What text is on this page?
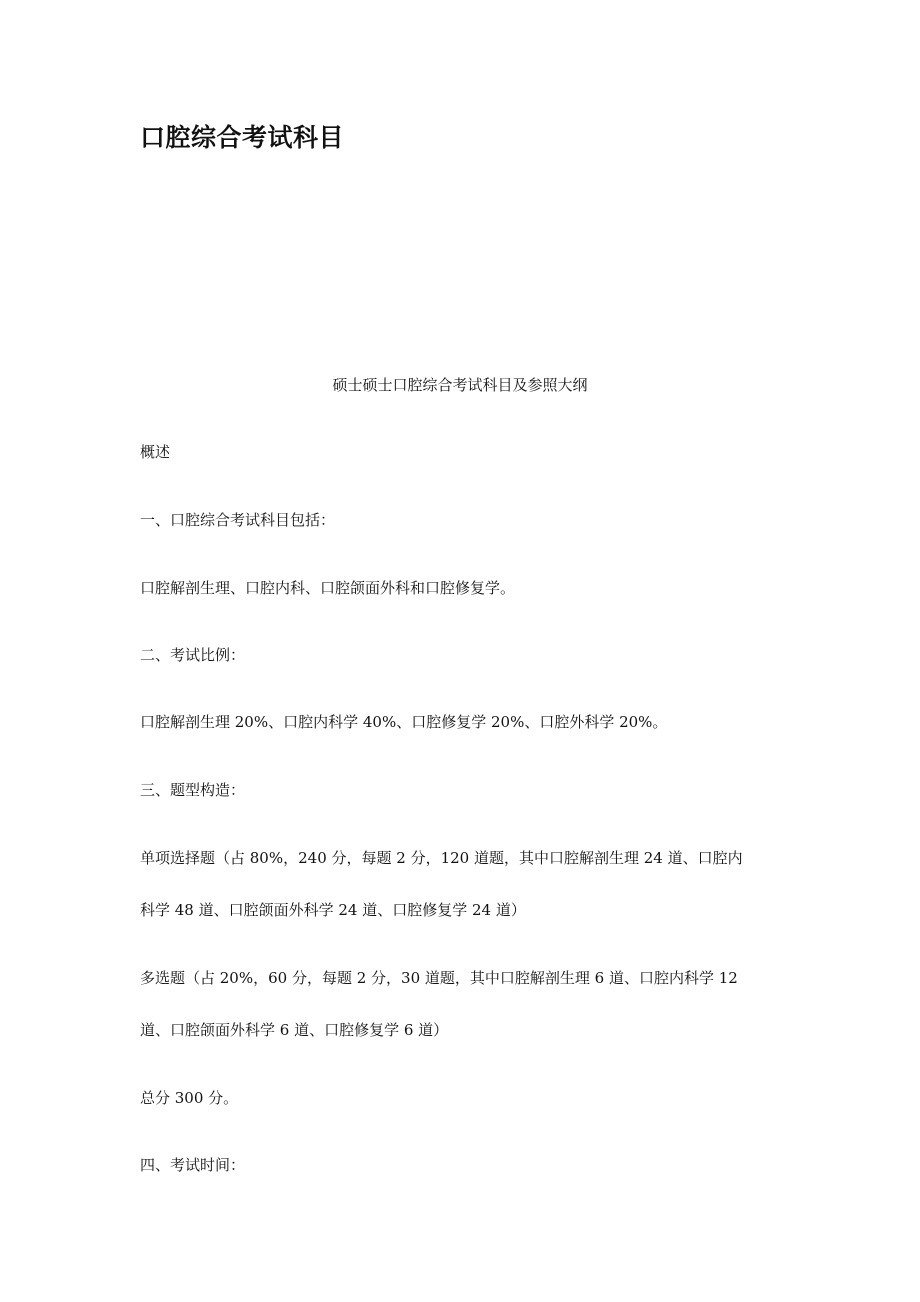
口腔综合考试科目

硕士硕士口腔综合考试科目及参照大纲

概述

一、口腔综合考试科目包括：

口腔解剖生理、口腔内科、口腔颌面外科和口腔修复学。

二、考试比例：

口腔解剖生理 20%、口腔内科学 40%、口腔修复学 20%、口腔外科学 20%。

三、题型构造：

单项选择题（占 80%，240 分，每题 2 分，120 道题，其中口腔解剖生理 24 道、口腔内

科学 48 道、口腔颌面外科学 24 道、口腔修复学 24 道）

多选题（占 20%，60 分，每题 2 分，30 道题，其中口腔解剖生理 6 道、口腔内科学 12

道、口腔颌面外科学 6 道、口腔修复学 6 道）

总分 300 分。

四、考试时间：
